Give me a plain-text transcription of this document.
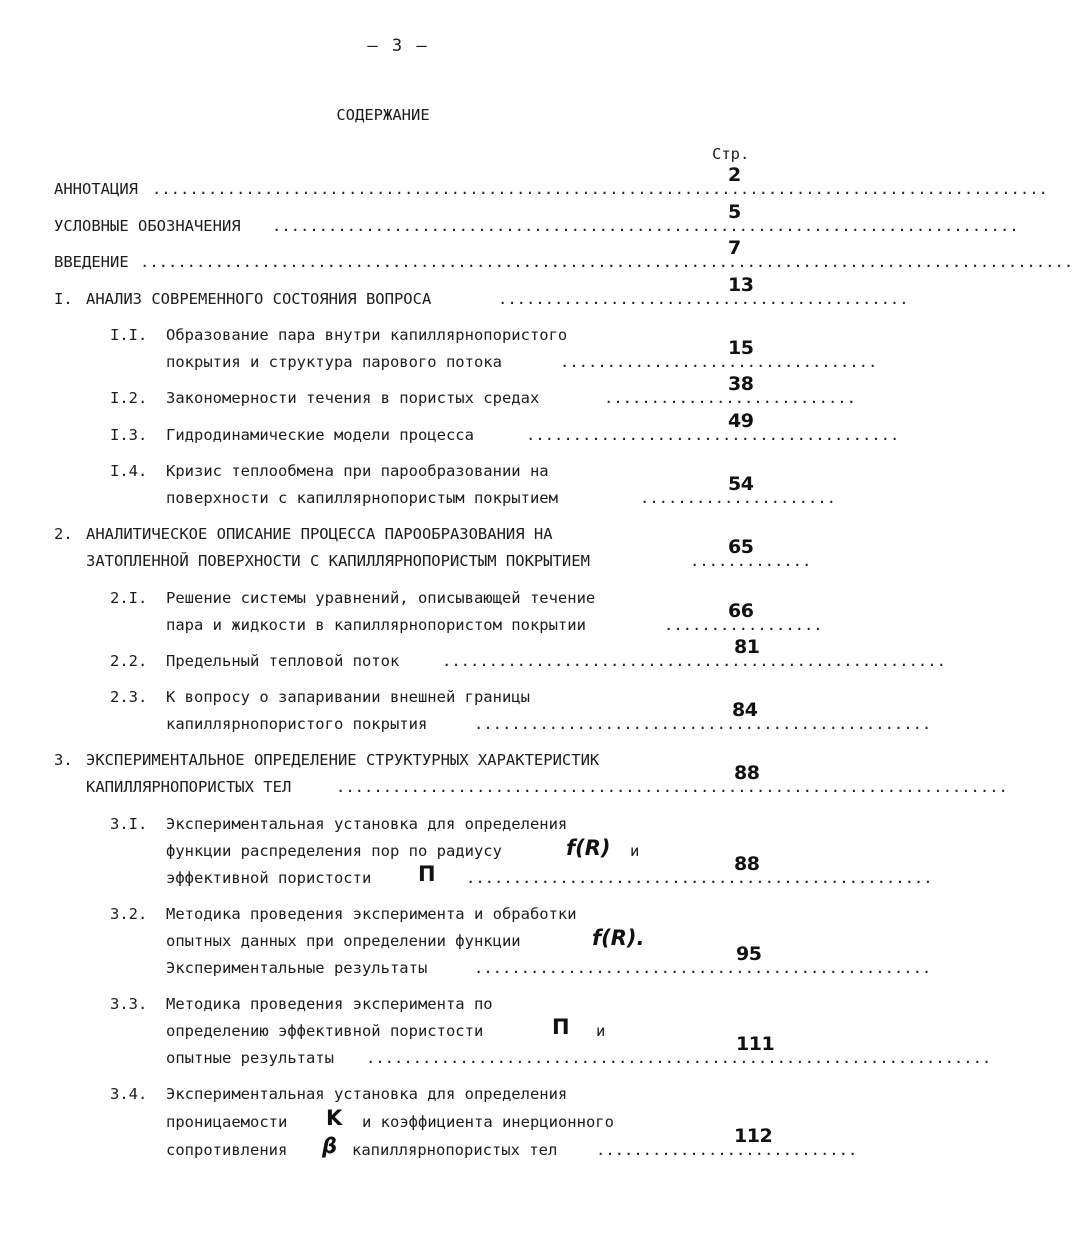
– 3 –
СОДЕРЖАНИЕ
Стр.
АННОТАЦИЯ ................................................................................................
2
УСЛОВНЫЕ ОБОЗНАЧЕНИЯ ................................................................................
5
ВВЕДЕНИЕ ....................................................................................................
7
I. АНАЛИЗ СОВРЕМЕННОГО СОСТОЯНИЯ ВОПРОСА	............................................
13
I.I. Образование пара внутри капиллярнопористого
покрытия и структура парового потока	..................................
15
I.2. Закономерности течения в пористых средах	...........................
38
I.3. Гидродинамические модели процесса	........................................
49
I.4. Кризис теплообмена при парообразовании на
поверхности с капиллярнопористым покрытием	.....................
54
2. АНАЛИТИЧЕСКОЕ ОПИСАНИЕ ПРОЦЕССА ПАРООБРАЗОВАНИЯ НА
ЗАТОПЛЕННОЙ ПОВЕРХНОСТИ С КАПИЛЛЯРНОПОРИСТЫМ ПОКРЫТИЕМ	.............
65
2.I. Решение системы уравнений, описывающей течение
пара и жидкости в капиллярнопористом покрытии	.................
66
2.2. Предельный тепловой поток	......................................................
81
2.3. К вопросу о запаривании внешней границы
капиллярнопористого покрытия	.................................................
84
3. ЭКСПЕРИМЕНТАЛЬНОЕ ОПРЕДЕЛЕНИЕ СТРУКТУРНЫХ ХАРАКТЕРИСТИК
КАПИЛЛЯРНОПОРИСТЫХ ТЕЛ	........................................................................
88
3.I. Экспериментальная установка для определения
функции распределения пор по радиусу	f(R) и
эффективной пористости П ..................................................
88
3.2. Методика проведения эксперимента и обработки
опытных данных при определении функции	f(R).
Экспериментальные результаты	.................................................
95
3.3. Методика проведения эксперимента по
определению эффективной пористости	П и
опытные результаты ...................................................................
111
3.4. Экспериментальная установка для определения
проницаемости K и коэффициента инерционного
сопротивления β капиллярнопористых тел ............................
112
